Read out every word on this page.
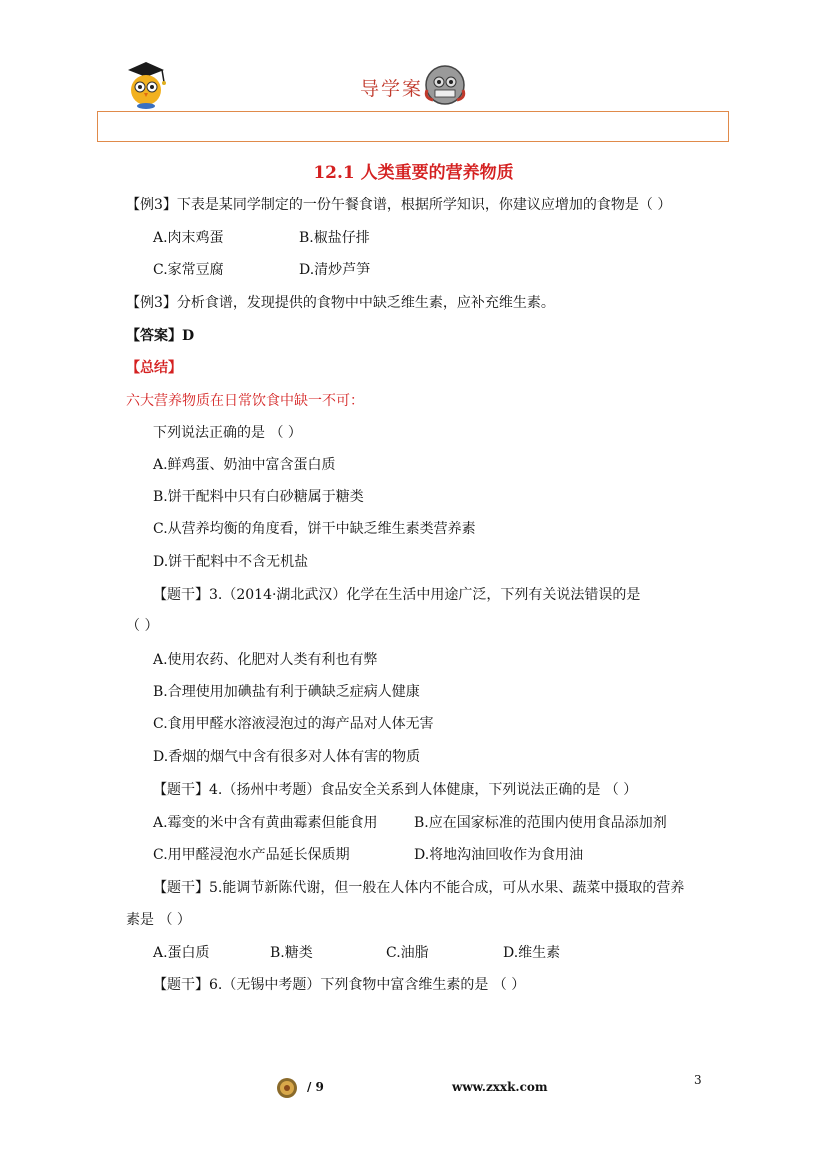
导学案
12.1 人类重要的营养物质
【例3】下表是某同学制定的一份午餐食谱，根据所学知识，你建议应增加的食物是（ ）
A.肉末鸡蛋	B.椒盐仔排
C.家常豆腐	D.清炒芦笋
【例3】分析食谱，发现提供的食物中中缺乏维生素，应补充维生素。
【答案】D
【总结】
六大营养物质在日常饮食中缺一不可：
下列说法正确的是 （ ）
A.鲜鸡蛋、奶油中富含蛋白质
B.饼干配料中只有白砂糖属于糖类
C.从营养均衡的角度看，饼干中缺乏维生素类营养素
D.饼干配料中不含无机盐
【题干】3.（2014·湖北武汉）化学在生活中用途广泛，下列有关说法错误的是
（ ）
A.使用农药、化肥对人类有利也有弊
B.合理使用加碘盐有利于碘缺乏症病人健康
C.食用甲醛水溶液浸泡过的海产品对人体无害
D.香烟的烟气中含有很多对人体有害的物质
【题干】4.（扬州中考题）食品安全关系到人体健康，下列说法正确的是 （ ）
A.霉变的米中含有黄曲霉素但能食用	B.应在国家标准的范围内使用食品添加剂
C.用甲醛浸泡水产品延长保质期	D.将地沟油回收作为食用油
【题干】5.能调节新陈代谢，但一般在人体内不能合成，可从水果、蔬菜中摄取的营养
素是 （ ）
A.蛋白质	B.糖类	C.油脂	D.维生素
【题干】6.（无锡中考题）下列食物中富含维生素的是 （ ）
/ 9	www.zxxk.com	3
